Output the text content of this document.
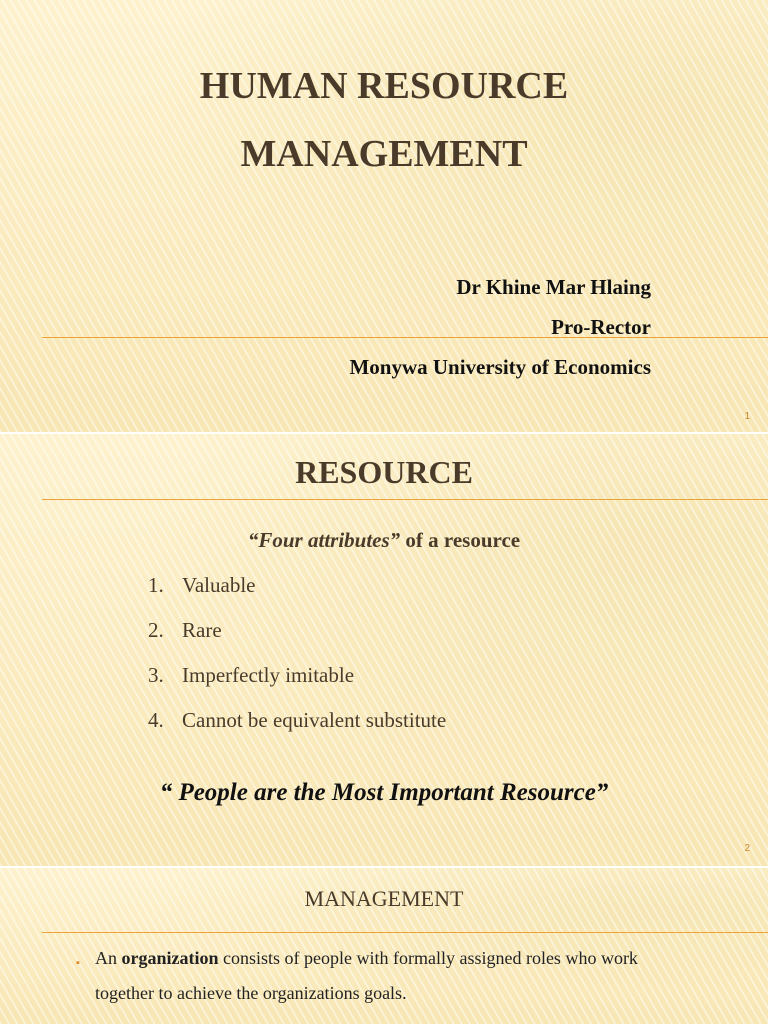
HUMAN RESOURCE
MANAGEMENT
Dr Khine Mar Hlaing
Pro-Rector
Monywa University of Economics
1
RESOURCE
“Four attributes” of a resource
1. Valuable
2. Rare
3. Imperfectly imitable
4. Cannot be equivalent substitute
“ People are the Most Important Resource”
2
MANAGEMENT
▪ An organization consists of people with formally assigned roles who work
together to achieve the organizations goals.
